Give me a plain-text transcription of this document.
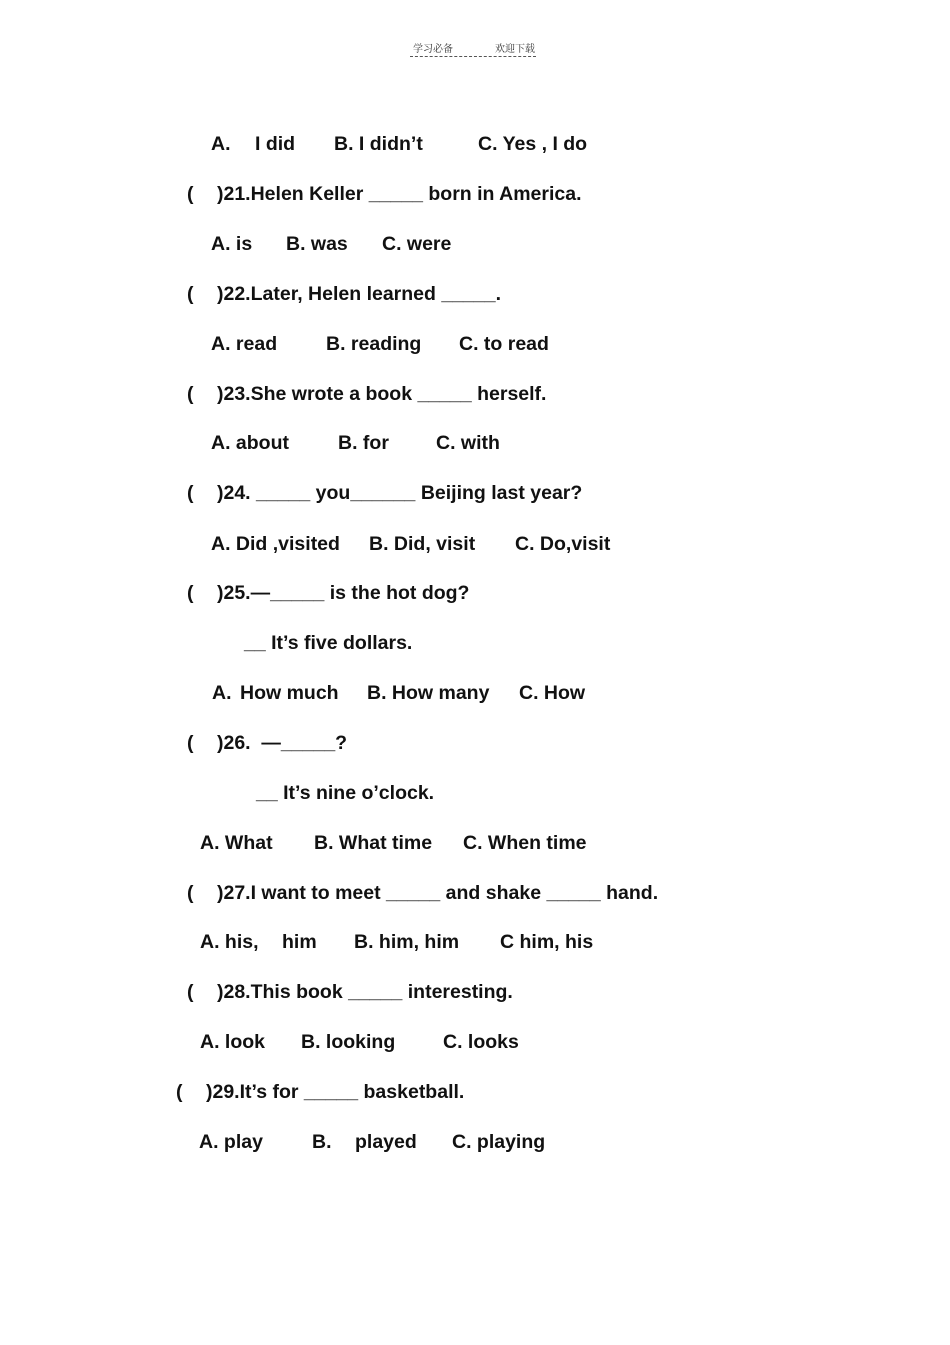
学习必备	欢迎下载

A.

I did

B. I didn’t

	C. Yes , I do

(

)21.Helen Keller _____ born in America.

A. is

B. was

C. were

(

)22.Later, Helen learned _____.

A. read

	B. reading

C. to read

(

)23.She wrote a book _____ herself.

A. about

	B. for

C. with

(

)24. _____ you______ Beijing last year?

A. Did ,visited

B. Did, visit

C. Do,visit

(

)25.—_____ is the hot dog?

__ It’s five dollars.

A.

How much

B. How many

C. How

(

)26.  —_____?

__ It’s nine o’clock.

A. What

B. What time

C. When time

(

)27.I want to meet _____ and shake _____ hand.

A. his,

him

B. him, him

C him, his

(

)28.This book _____ interesting.

A. look

B. looking

C. looks

(

)29.It’s for _____ basketball.

A. play

	B.

played

C. playing
